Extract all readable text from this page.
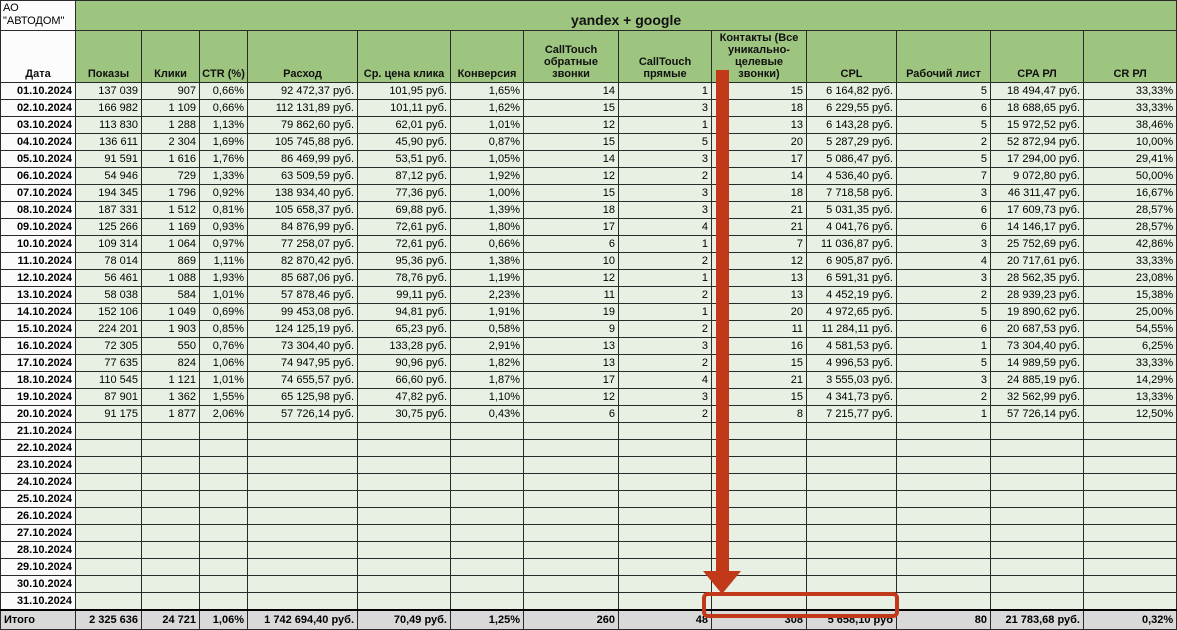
АО
"АВТОДОМ"	yandex + google												
Дата	Показы	Клики	CTR (%)	Расход	Ср. цена клика	Конверсия	CallTouch обратные звонки	CallTouch прямые	Контакты (Все уникально-целевые звонки)	CPL	Рабочий лист	CPA РЛ	CR РЛ
01.10.2024	137 039	907	0,66%	92 472,37 руб.	101,95 руб.	1,65%	14	1	15	6 164,82 руб.	5	18 494,47 руб.	33,33%
02.10.2024	166 982	1 109	0,66%	112 131,89 руб.	101,11 руб.	1,62%	15	3	18	6 229,55 руб.	6	18 688,65 руб.	33,33%
03.10.2024	113 830	1 288	1,13%	79 862,60 руб.	62,01 руб.	1,01%	12	1	13	6 143,28 руб.	5	15 972,52 руб.	38,46%
04.10.2024	136 611	2 304	1,69%	105 745,88 руб.	45,90 руб.	0,87%	15	5	20	5 287,29 руб.	2	52 872,94 руб.	10,00%
05.10.2024	91 591	1 616	1,76%	86 469,99 руб.	53,51 руб.	1,05%	14	3	17	5 086,47 руб.	5	17 294,00 руб.	29,41%
06.10.2024	54 946	729	1,33%	63 509,59 руб.	87,12 руб.	1,92%	12	2	14	4 536,40 руб.	7	9 072,80 руб.	50,00%
07.10.2024	194 345	1 796	0,92%	138 934,40 руб.	77,36 руб.	1,00%	15	3	18	7 718,58 руб.	3	46 311,47 руб.	16,67%
08.10.2024	187 331	1 512	0,81%	105 658,37 руб.	69,88 руб.	1,39%	18	3	21	5 031,35 руб.	6	17 609,73 руб.	28,57%
09.10.2024	125 266	1 169	0,93%	84 876,99 руб.	72,61 руб.	1,80%	17	4	21	4 041,76 руб.	6	14 146,17 руб.	28,57%
10.10.2024	109 314	1 064	0,97%	77 258,07 руб.	72,61 руб.	0,66%	6	1	7	11 036,87 руб.	3	25 752,69 руб.	42,86%
11.10.2024	78 014	869	1,11%	82 870,42 руб.	95,36 руб.	1,38%	10	2	12	6 905,87 руб.	4	20 717,61 руб.	33,33%
12.10.2024	56 461	1 088	1,93%	85 687,06 руб.	78,76 руб.	1,19%	12	1	13	6 591,31 руб.	3	28 562,35 руб.	23,08%
13.10.2024	58 038	584	1,01%	57 878,46 руб.	99,11 руб.	2,23%	11	2	13	4 452,19 руб.	2	28 939,23 руб.	15,38%
14.10.2024	152 106	1 049	0,69%	99 453,08 руб.	94,81 руб.	1,91%	19	1	20	4 972,65 руб.	5	19 890,62 руб.	25,00%
15.10.2024	224 201	1 903	0,85%	124 125,19 руб.	65,23 руб.	0,58%	9	2	11	11 284,11 руб.	6	20 687,53 руб.	54,55%
16.10.2024	72 305	550	0,76%	73 304,40 руб.	133,28 руб.	2,91%	13	3	16	4 581,53 руб.	1	73 304,40 руб.	6,25%
17.10.2024	77 635	824	1,06%	74 947,95 руб.	90,96 руб.	1,82%	13	2	15	4 996,53 руб.	5	14 989,59 руб.	33,33%
18.10.2024	110 545	1 121	1,01%	74 655,57 руб.	66,60 руб.	1,87%	17	4	21	3 555,03 руб.	3	24 885,19 руб.	14,29%
19.10.2024	87 901	1 362	1,55%	65 125,98 руб.	47,82 руб.	1,10%	12	3	15	4 341,73 руб.	2	32 562,99 руб.	13,33%
20.10.2024	91 175	1 877	2,06%	57 726,14 руб.	30,75 руб.	0,43%	6	2	8	7 215,77 руб.	1	57 726,14 руб.	12,50%
21.10.2024													
22.10.2024													
23.10.2024													
24.10.2024													
25.10.2024													
26.10.2024													
27.10.2024													
28.10.2024													
29.10.2024													
30.10.2024													
31.10.2024													
Итого	2 325 636	24 721	1,06%	1 742 694,40 руб.	70,49 руб.	1,25%	260	48	308	5 658,10 руб	80	21 783,68 руб.	0,32%
